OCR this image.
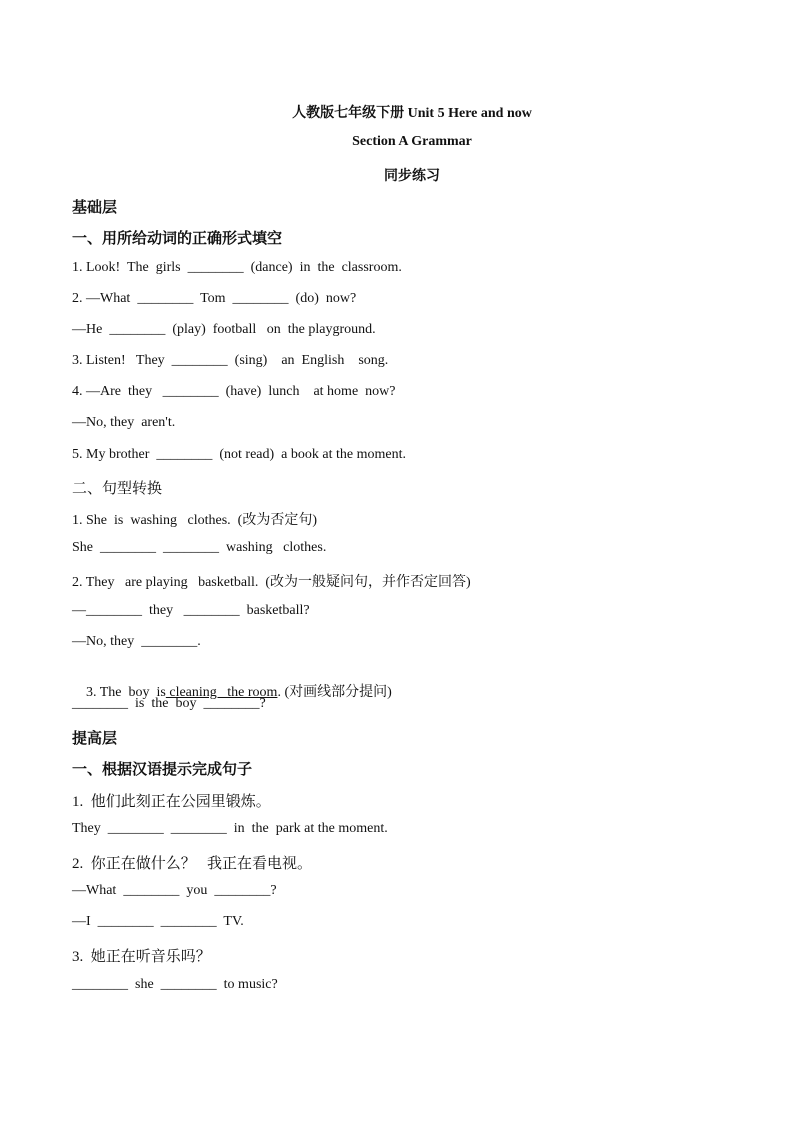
人教版七年级下册 Unit 5 Here and now
Section A Grammar
同步练习
基础层
一、用所给动词的正确形式填空
1. Look!  The  girls  ________  (dance)  in  the  classroom.
2. —What  ________  Tom  ________  (do)  now?
—He  ________  (play)  football   on  the playground.
3. Listen!   They  ________  (sing)    an  English    song.
4. —Are  they   ________  (have)  lunch    at home  now?
—No, they  aren't.
5. My brother  ________  (not read)  a book at the moment.
二、句型转换
1. She  is  washing   clothes.  (改为否定句)
She  ________  ________  washing   clothes.
2. They   are playing   basketball.  (改为一般疑问句，并作否定回答)
—________  they   ________  basketball?
—No, they  ________.

3. The  boy  is cleaning   the room. (对画线部分提问)

________  is  the  boy  ________?
提高层
一、根据汉语提示完成句子
1.  他们此刻正在公园里锻炼。
They  ________  ________  in  the  park at the moment.
2.  你正在做什么？   我正在看电视。
—What  ________  you  ________?
—I  ________  ________  TV.
3.  她正在听音乐吗？
________  she  ________  to music?
